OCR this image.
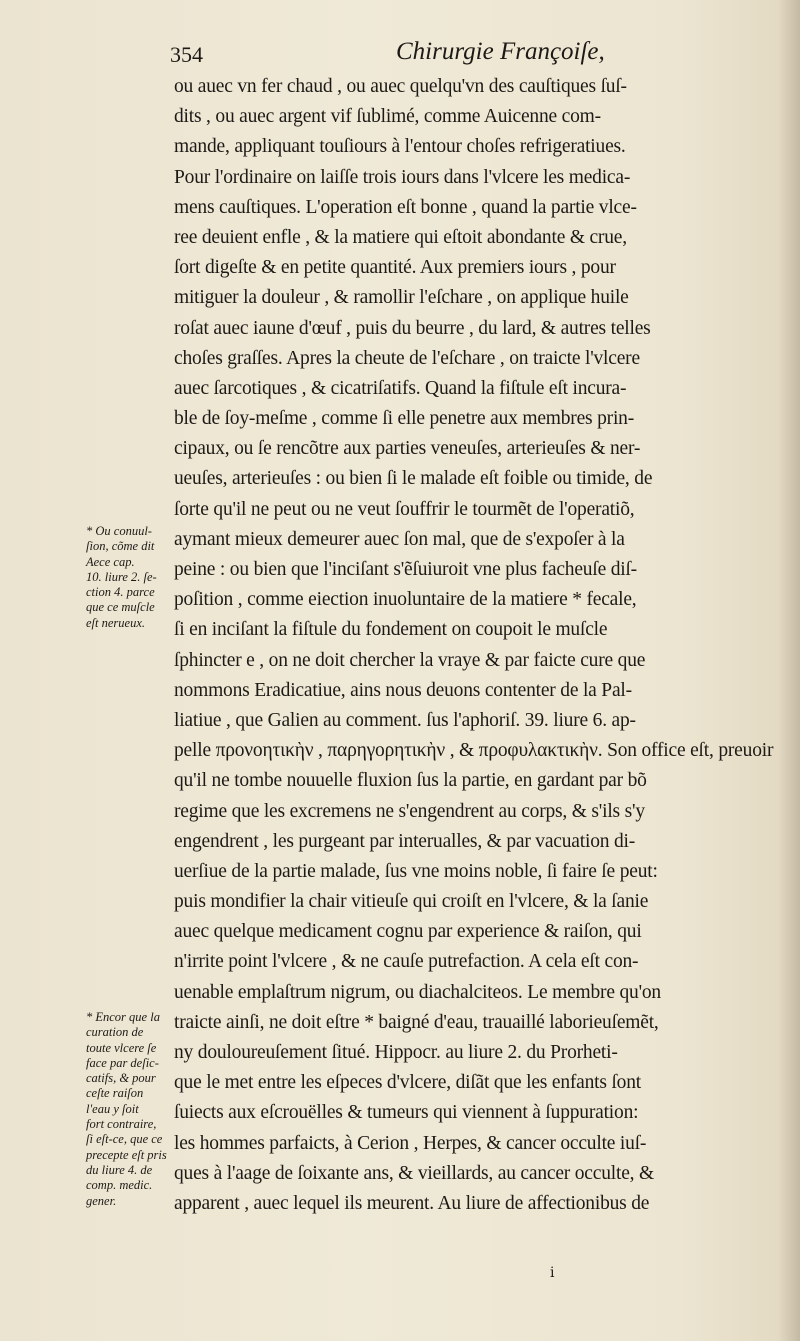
354	Chirurgie Françoiſe,
ou auec vn fer chaud , ou auec quelqu'vn des cauſtiques ſuſ-
dits , ou auec argent vif ſublimé, comme Auicenne com-
mande, appliquant touſiours à l'entour choſes refrigeratiues.
Pour l'ordinaire on laiſſe trois iours dans l'vlcere les medica-
mens cauſtiques. L'operation eſt bonne , quand la partie vlce-
ree deuient enfle , & la matiere qui eſtoit abondante & crue,
ſort digeſte & en petite quantité. Aux premiers iours , pour
mitiguer la douleur , & ramollir l'eſchare , on applique huile
roſat auec iaune d'œuf , puis du beurre , du lard, & autres telles
choſes graſſes. Apres la cheute de l'eſchare , on traicte l'vlcere
auec ſarcotiques , & cicatriſatifs. Quand la fiſtule eſt incura-
ble de ſoy-meſme , comme ſi elle penetre aux membres prin-
cipaux, ou ſe rencõtre aux parties veneuſes, arterieuſes & ner-
ueuſes, arterieuſes : ou bien ſi le malade eſt foible ou timide, de
ſorte qu'il ne peut ou ne veut ſouffrir le tourmẽt de l'operatiõ,
aymant mieux demeurer auec ſon mal, que de s'expoſer à la
peine : ou bien que l'inciſant s'ẽſuiuroit vne plus facheuſe diſ-
poſition , comme eiection inuoluntaire de la matiere * fecale,
ſi en inciſant la fiſtule du fondement on coupoit le muſcle
ſphincter e , on ne doit chercher la vraye & par faicte cure que
nommons Eradicatiue, ains nous deuons contenter de la Pal-
liatiue , que Galien au comment. ſus l'aphoriſ. 39. liure 6. ap-
pelle προνοητικὴν , παρηγορητικὴν , & προφυλακτικὴν. Son office eſt, preuoir
qu'il ne tombe nouuelle fluxion ſus la partie, en gardant par bõ
regime que les excremens ne s'engendrent au corps, & s'ils s'y
engendrent , les purgeant par interualles, & par vacuation di-
uerſiue de la partie malade, ſus vne moins noble, ſi faire ſe peut:
puis mondifier la chair vitieuſe qui croiſt en l'vlcere, & la ſanie
auec quelque medicament cognu par experience & raiſon, qui
n'irrite point l'vlcere , & ne cauſe putrefaction. A cela eſt con-
uenable emplaſtrum nigrum, ou diachalciteos. Le membre qu'on
traicte ainſi, ne doit eſtre * baigné d'eau, trauaillé laborieuſemẽt,
ny douloureuſement ſitué. Hippocr. au liure 2. du Prorheti-
que le met entre les eſpeces d'vlcere, diſãt que les enfants ſont
ſuiects aux eſcrouëlles & tumeurs qui viennent à ſuppuration:
les hommes parfaicts, à Cerion , Herpes, & cancer occulte iuſ-
ques à l'aage de ſoixante ans, & vieillards, au cancer occulte, &
apparent , auec lequel ils meurent. Au liure de affectionibus de
* Ou conuul-
ſion, cõme dit
Aece cap.
10. liure 2. ſe-
ction 4. parce
que ce muſcle
eſt nerueux.
* Encor que la
curation de
toute vlcere ſe
face par deſic-
catifs, & pour
ceſte raiſon
l'eau y ſoit
fort contraire,
ſi eſt-ce, que ce
precepte eſt pris
du liure 4. de
comp. medic.
gener.
i
